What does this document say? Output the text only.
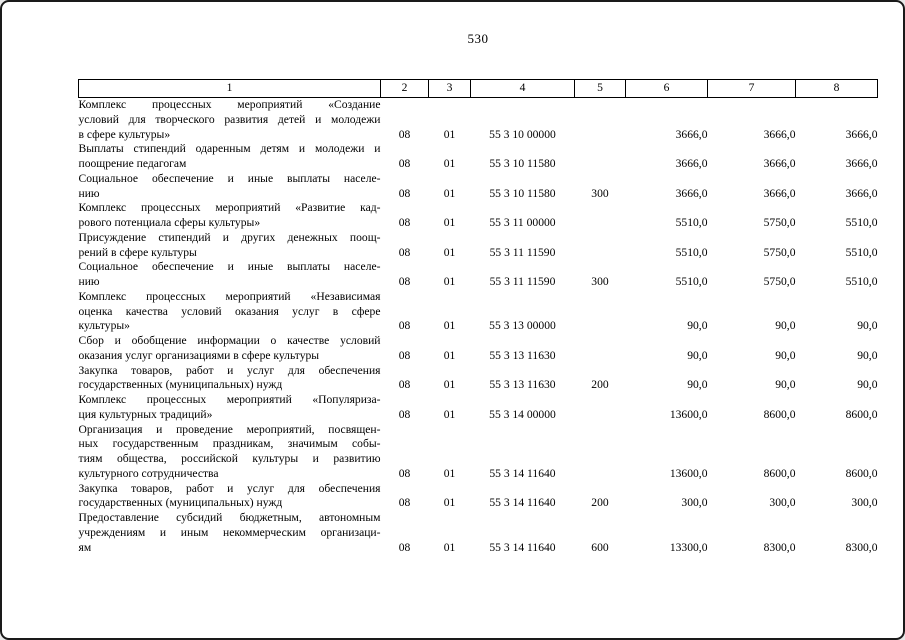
530
1	2	3	4	5	6	7	8

Комплекс процессных мероприятий «Создание
условий для творческого развития детей и молодежи
в сфере культуры»	08	01	55 3 10 00000		3666,0	3666,0	3666,0

Выплаты стипендий одаренным детям и молодежи и
поощрение педагогам	08	01	55 3 10 11580		3666,0	3666,0	3666,0

Социальное обеспечение и иные выплаты населе-
нию	08	01	55 3 10 11580	300	3666,0	3666,0	3666,0

Комплекс процессных мероприятий «Развитие кад-
рового потенциала сферы культуры»	08	01	55 3 11 00000		5510,0	5750,0	5510,0

Присуждение стипендий и других денежных поощ-
рений в сфере культуры	08	01	55 3 11 11590		5510,0	5750,0	5510,0

Социальное обеспечение и иные выплаты населе-
нию	08	01	55 3 11 11590	300	5510,0	5750,0	5510,0

Комплекс процессных мероприятий «Независимая
оценка качества условий оказания услуг в сфере
культуры»	08	01	55 3 13 00000		90,0	90,0	90,0

Сбор и обобщение информации о качестве условий
оказания услуг организациями в сфере культуры	08	01	55 3 13 11630		90,0	90,0	90,0

Закупка товаров, работ и услуг для обеспечения
государственных (муниципальных) нужд	08	01	55 3 13 11630	200	90,0	90,0	90,0

Комплекс процессных мероприятий «Популяриза-
ция культурных традиций»	08	01	55 3 14 00000		13600,0	8600,0	8600,0

Организация и проведение мероприятий, посвящен-
ных государственным праздникам, значимым собы-
тиям общества, российской культуры и развитию
культурного сотрудничества	08	01	55 3 14 11640		13600,0	8600,0	8600,0

Закупка товаров, работ и услуг для обеспечения
государственных (муниципальных) нужд	08	01	55 3 14 11640	200	300,0	300,0	300,0

Предоставление субсидий бюджетным, автономным
учреждениям и иным некоммерческим организаци-
ям	08	01	55 3 14 11640	600	13300,0	8300,0	8300,0
